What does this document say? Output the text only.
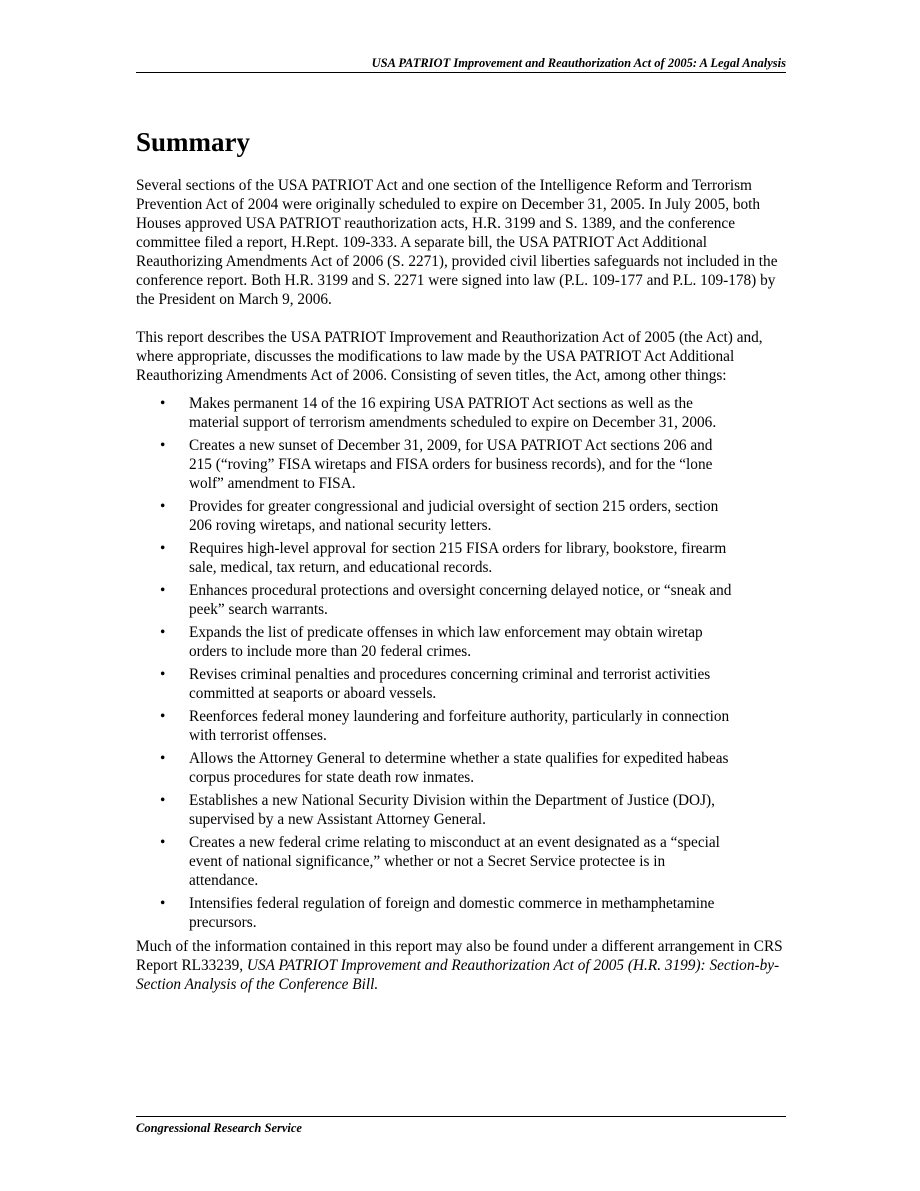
USA PATRIOT Improvement and Reauthorization Act of 2005: A Legal Analysis
Summary

Several sections of the USA PATRIOT Act and one section of the Intelligence Reform and Terrorism Prevention Act of 2004 were originally scheduled to expire on December 31, 2005. In July 2005, both Houses approved USA PATRIOT reauthorization acts, H.R. 3199 and S. 1389, and the conference committee filed a report, H.Rept. 109-333. A separate bill, the USA PATRIOT Act Additional Reauthorizing Amendments Act of 2006 (S. 2271), provided civil liberties safeguards not included in the conference report. Both H.R. 3199 and S. 2271 were signed into law (P.L. 109-177 and P.L. 109-178) by the President on March 9, 2006.

This report describes the USA PATRIOT Improvement and Reauthorization Act of 2005 (the Act) and, where appropriate, discusses the modifications to law made by the USA PATRIOT Act Additional Reauthorizing Amendments Act of 2006. Consisting of seven titles, the Act, among other things:

• Makes permanent 14 of the 16 expiring USA PATRIOT Act sections as well as the material support of terrorism amendments scheduled to expire on December 31, 2006.
• Creates a new sunset of December 31, 2009, for USA PATRIOT Act sections 206 and 215 (“roving” FISA wiretaps and FISA orders for business records), and for the “lone wolf” amendment to FISA.
• Provides for greater congressional and judicial oversight of section 215 orders, section 206 roving wiretaps, and national security letters.
• Requires high-level approval for section 215 FISA orders for library, bookstore, firearm sale, medical, tax return, and educational records.
• Enhances procedural protections and oversight concerning delayed notice, or “sneak and peek” search warrants.
• Expands the list of predicate offenses in which law enforcement may obtain wiretap orders to include more than 20 federal crimes.
• Revises criminal penalties and procedures concerning criminal and terrorist activities committed at seaports or aboard vessels.
• Reenforces federal money laundering and forfeiture authority, particularly in connection with terrorist offenses.
• Allows the Attorney General to determine whether a state qualifies for expedited habeas corpus procedures for state death row inmates.
• Establishes a new National Security Division within the Department of Justice (DOJ), supervised by a new Assistant Attorney General.
• Creates a new federal crime relating to misconduct at an event designated as a “special event of national significance,” whether or not a Secret Service protectee is in attendance.
• Intensifies federal regulation of foreign and domestic commerce in methamphetamine precursors.

Much of the information contained in this report may also be found under a different arrangement in CRS Report RL33239, USA PATRIOT Improvement and Reauthorization Act of 2005 (H.R. 3199): Section-by-Section Analysis of the Conference Bill.

Congressional Research Service
